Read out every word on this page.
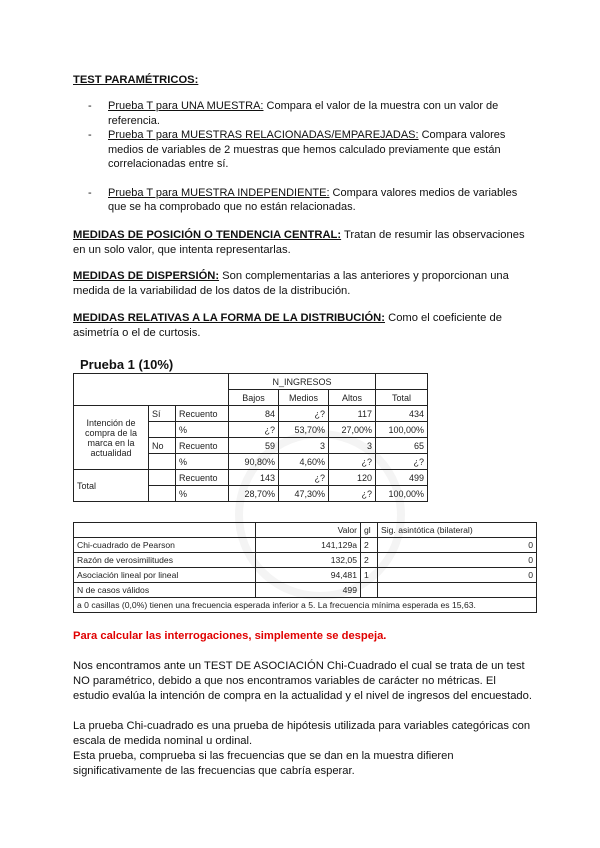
TEST PARAMÉTRICOS:

- Prueba T para UNA MUESTRA: Compara el valor de la muestra con un valor de referencia.
- Prueba T para MUESTRAS RELACIONADAS/EMPAREJADAS: Compara valores medios de variables de 2 muestras que hemos calculado previamente que están correlacionadas entre sí.
- Prueba T para MUESTRA INDEPENDIENTE: Compara valores medios de variables que se ha comprobado que no están relacionadas.

MEDIDAS DE POSICIÓN O TENDENCIA CENTRAL: Tratan de resumir las observaciones en un solo valor, que intenta representarlas.

MEDIDAS DE DISPERSIÓN: Son complementarias a las anteriores y proporcionan una medida de la variabilidad de los datos de la distribución.

MEDIDAS RELATIVAS A LA FORMA DE LA DISTRIBUCIÓN: Como el coeficiente de asimetría o el de curtosis.

Prueba 1 (10%)
			N_INGRESOS			
			Bajos	Medios	Altos	Total
Intención de compra de la marca en la actualidad	Sí	Recuento	84	¿?	117	434
		%	¿?	53,70%	27,00%	100,00%
	No	Recuento	59	3	3	65
		%	90,80%	4,60%	¿?	¿?
Total		Recuento	143	¿?	120	499
		%	28,70%	47,30%	¿?	100,00%
	Valor	gl	Sig. asintótica (bilateral)
Chi-cuadrado de Pearson	141,129a	2	0
Razón de verosimilitudes	132,05	2	0
Asociación lineal por lineal	94,481	1	0
N de casos válidos	499		
a 0 casillas (0,0%) tienen una frecuencia esperada inferior a 5. La frecuencia mínima esperada es 15,63.			

Para calcular las interrogaciones, simplemente se despeja.

Nos encontramos ante un TEST DE ASOCIACIÓN Chi-Cuadrado el cual se trata de un test NO paramétrico, debido a que nos encontramos variables de carácter no métricas. El estudio evalúa la intención de compra en la actualidad y el nivel de ingresos del encuestado.

La prueba Chi-cuadrado es una prueba de hipótesis utilizada para variables categóricas con escala de medida nominal u ordinal.

Esta prueba, comprueba si las frecuencias que se dan en la muestra difieren significativamente de las frecuencias que cabría esperar.
